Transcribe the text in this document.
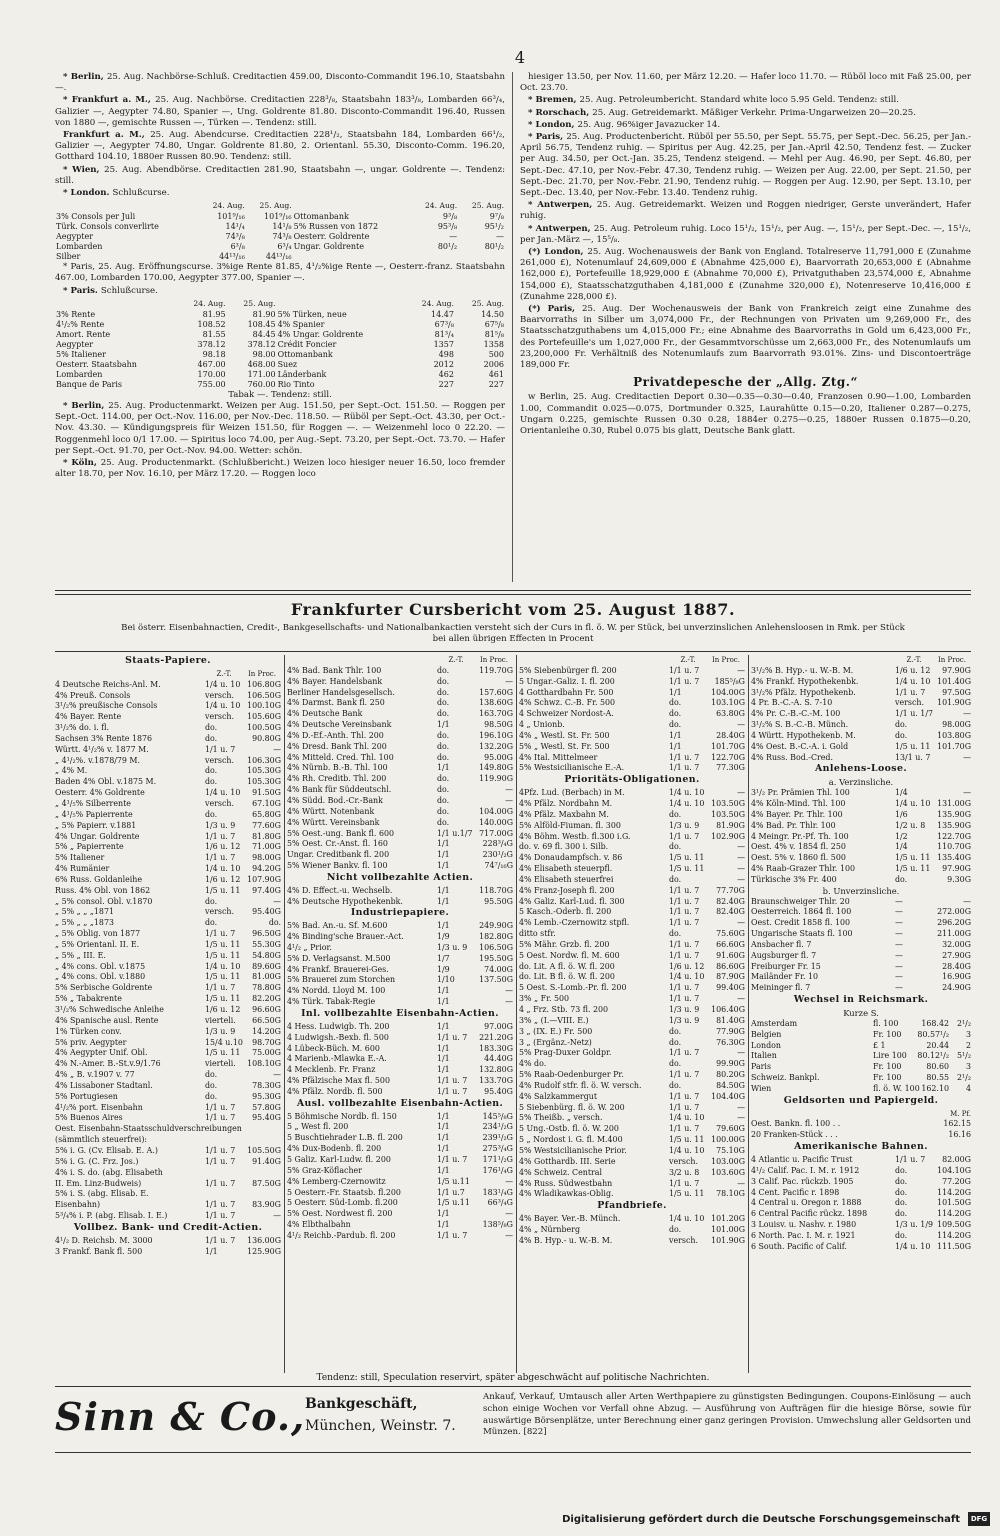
4

* Berlin, 25. Aug. Nachbörse-Schluß. Creditactien 459.00, Disconto-Commandit 196.10, Staatsbahn —.

* Frankfurt a. M., 25. Aug. Nachbörse. Creditactien 228³/₈, Staatsbahn 183³/₈, Lombarden 66³/₄, Galizier —, Aegypter 74.80, Spanier —, Ung. Goldrente 81.80. Disconto-Commandit 196.40, Russen von 1880 —, gemischte Russen —, Türken —. Tendenz: still.

Frankfurt a. M., 25. Aug. Abendcurse. Creditactien 228¹/₂, Staatsbahn 184, Lombarden 66¹/₂, Galizier —, Aegypter 74.80, Ungar. Goldrente 81.80, 2. Orientanl. 55.30, Disconto-Comm. 196.20, Gotthard 104.10, 1880er Russen 80.90. Tendenz: still.

* Wien, 25. Aug. Abendbörse. Creditactien 281.90, Staatsbahn —, ungar. Goldrente —. Tendenz: still.

* London. Schlußcurse.

	24. Aug.	25. Aug.		24. Aug.	25. Aug.
3% Consols per Juli	101⁹/₁₆	101⁹/₁₆	Ottomanbank	9³/₈	9⁷/₈
Türk. Consols converlirte	14¹/₄	14¹/₈	5% Russen von 1872	95³/₈	95¹/₂
Aegypter	74³/₈	74³/₈	Oesterr. Goldrente	—	—
Lombarden	6³/₈	6³/₄	Ungar. Goldrente	80¹/₂	80¹/₂
Silber	44¹³/₁₆	44¹³/₁₆			

* Paris, 25. Aug. Eröffnungscurse. 3%ige Rente 81.85, 4¹/₂%ige Rente —, Oesterr.-franz. Staatsbahn 467.00, Lombarden 170.00, Aegypter 377.00, Spanier —.

* Paris. Schlußcurse.

	24. Aug.	25. Aug.		24. Aug.	25. Aug.
3% Rente	81.95	81.90	5% Türken, neue	14.47	14.50
4¹/₂% Rente	108.52	108.45	4% Spanier	67³/₈	67⁵/₈
Amort. Rente	81.55	84.45	4% Ungar. Goldrente	81³/₄	81⁵/₈
Aegypter	378.12	378.12	Crédit Foncier	1357	1358
5% Italiener	98.18	98.00	Ottomanbank	498	500
Oesterr. Staatsbahn	467.00	468.00	Suez	2012	2006
Lombarden	170.00	171.00	Länderbank	462	461
Banque de Paris	755.00	760.00	Rio Tinto	227	227
Tabak —. Tendenz: still.

* Berlin, 25. Aug. Productenmarkt. Weizen per Aug. 151.50, per Sept.-Oct. 151.50. — Roggen per Sept.-Oct. 114.00, per Oct.-Nov. 116.00, per Nov.-Dec. 118.50. — Rüböl per Sept.-Oct. 43.30, per Oct.-Nov. 43.30. — Kündigungspreis für Weizen 151.50, für Roggen —. — Weizenmehl loco 0 22.20. — Roggenmehl loco 0/1 17.00. — Spiritus loco 74.00, per Aug.-Sept. 73.20, per Sept.-Oct. 73.70. — Hafer per Sept.-Oct. 91.70, per Oct.-Nov. 94.00. Wetter: schön.

* Köln, 25. Aug. Productenmarkt. (Schlußbericht.) Weizen loco hiesiger neuer 16.50, loco fremder alter 18.70, per Nov. 16.10, per März 17.20. — Roggen loco

hiesiger 13.50, per Nov. 11.60, per März 12.20. — Hafer loco 11.70. — Rüböl loco mit Faß 25.00, per Oct. 23.70.

* Bremen, 25. Aug. Petroleumbericht. Standard white loco 5.95 Geld. Tendenz: still.

* Rorschach, 25. Aug. Getreidemarkt. Mäßiger Verkehr. Prima-Ungarweizen 20—20.25.

* London, 25. Aug. 96%iger Javazucker 14.

* Paris, 25. Aug. Productenbericht. Rüböl per 55.50, per Sept. 55.75, per Sept.-Dec. 56.25, per Jan.-April 56.75, Tendenz ruhig. — Spiritus per Aug. 42.25, per Jan.-April 42.50, Tendenz fest. — Zucker per Aug. 34.50, per Oct.-Jan. 35.25, Tendenz steigend. — Mehl per Aug. 46.90, per Sept. 46.80, per Sept.-Dec. 47.10, per Nov.-Febr. 47.30, Tendenz ruhig. — Weizen per Aug. 22.00, per Sept. 21.50, per Sept.-Dec. 21.70, per Nov.-Febr. 21.90, Tendenz ruhig. — Roggen per Aug. 12.90, per Sept. 13.10, per Sept.-Dec. 13.40, per Nov.-Febr. 13.40. Tendenz ruhig.

* Antwerpen, 25. Aug. Getreidemarkt. Weizen und Roggen niedriger, Gerste unverändert, Hafer ruhig.

* Antwerpen, 25. Aug. Petroleum ruhig. Loco 15¹/₂, 15¹/₂, per Aug. —, 15¹/₂, per Sept.-Dec. —, 15¹/₂, per Jan.-März —, 15⁵/₈.

(*) London, 25. Aug. Wochenausweis der Bank von England. Totalreserve 11,791,000 £ (Zunahme 261,000 £), Notenumlauf 24,609,000 £ (Abnahme 425,000 £), Baarvorrath 20,653,000 £ (Abnahme 162,000 £), Portefeuille 18,929,000 £ (Abnahme 70,000 £), Privatguthaben 23,574,000 £, Abnahme 154,000 £), Staatsschatzguthaben 4,181,000 £ (Zunahme 320,000 £), Notenreserve 10,416,000 £ (Zunahme 228,000 £).

(*) Paris, 25. Aug. Der Wochenausweis der Bank von Frankreich zeigt eine Zunahme des Baarvorraths in Silber um 3,074,000 Fr., der Rechnungen von Privaten um 9,269,000 Fr., des Staatsschatzguthabens um 4,015,000 Fr.; eine Abnahme des Baarvorraths in Gold um 6,423,000 Fr., des Portefeuille's um 1,027,000 Fr., der Gesammtvorschüsse um 2,663,000 Fr., des Notenumlaufs um 23,200,000 Fr. Verhältniß des Notenumlaufs zum Baarvorrath 93.01%. Zins- und Discontoerträge 189,000 Fr.

Privatdepesche der „Allg. Ztg.“

w Berlin, 25. Aug. Creditactien Deport 0.30—0.35—0.30—0.40, Franzosen 0.90—1.00, Lombarden 1.00, Commandit 0.025—0.075, Dortmunder 0.325, Laurahütte 0.15—0.20, Italiener 0.287—0.275, Ungarn 0.225, gemischte Russen 0.30 0.28, 1884er 0.275—0.25, 1880er Russen 0.1875—0.20, Orientanleihe 0.30, Rubel 0.075 bis glatt, Deutsche Bank glatt.

Frankfurter Cursbericht vom 25. August 1887.
Bei österr. Eisenbahnactien, Credit-, Bankgesellschafts- und Nationalbankactien versteht sich der Curs in fl. ö. W. per Stück, bei unverzinslichen Anlehensloosen in Rmk. per Stück
bei allen übrigen Effecten in Procent
Staats-Papiere.
Z.-T.	In Proc.
4 Deutsche Reichs-Anl. M.	1/4 u. 10 106.80G
4% Preuß. Consols	versch.	106.50G
3¹/₂% preußische Consols	1/4 u. 10 100.10G
4% Bayer. Rente	versch.	105.60G
3¹/₂% do. i. fl.	do.	100.50G
Sachsen 3% Rente 1876	do.	90.80G
Württ. 4¹/₂% v. 1877 M.	1/1 u. 7	—
„ 4¹/₂%. v.1878/79 M.	versch.	106.30G
„ 4% M.	do.	105.30G
Baden 4% Obl. v.1875 M.	do.	105.30G
Oesterr. 4% Goldrente	1/4 u. 10	91.50G
„ 4¹/₅% Silberrente	versch.	67.10G
„ 4¹/₅% Papierrente	do.	65.80G
„ 5% Papierr. v.1881	1/3 u. 9	77.60G
4% Ungar. Goldrente	1/1 u. 7	81.80G
5% „ Papierrente	1/6 u. 12	71.00G
5% Italiener	1/1 u. 7	98.00G
4% Rumänier	1/4 u. 10	94.20G
6% Russ. Goldanleihe	1/6 u. 12 107.90G
Russ. 4% Obl. von 1862	1/5 u. 11	97.40G
„ 5% consol. Obl. v.1870	do.	—
„ 5% „ „ „1871	versch.	95.40G
„ 5% „ „ „1873	do.	do.
„ 5% Oblig. von 1877	1/1 u. 7	96.50G
„ 5% Orientanl. II. E.	1/5 u. 11	55.30G
„ 5% „ III. E.	1/5 u. 11	54.80G
„ 4% cons. Obl. v.1875	1/4 u. 10	89.60G
„ 4% cons. Obl. v.1880	1/5 u. 11	81.00G
5% Serbische Goldrente	1/1 u. 7	78.80G
5% „ Tabakrente	1/5 u. 11	82.20G
3¹/₂% Schwedische Anleihe	1/6 u. 12	96.60G
4% Spanische ausl. Rente	vierteli.	66.50G
1% Türken conv.	1/3 u. 9	14.20G
5% priv. Aegypter	15/4 u.10	98.70G
4% Aegypter Unif. Obl.	1/5 u. 11	75.00G
4% N.-Amer. B.-St.v.9/1.76	vierteli.	108.10G
4% „ B. v.1907 v. 77	do.	—
4% Lissaboner Stadtanl.	do.	78.30G
5% Portugiesen	do.	95.30G
4¹/₂% port. Eisenbahn	1/1 u. 7	57.80G
5% Buenos Aires	1/1 u. 7	95.40G
Oest. Eisenbahn-Staatsschuldverschreibungen
(sämmtlich steuerfrei):
5% i. G. (Cv. Elisab. E. A.)	1/1 u. 7	105.50G
5% i. G. (C. Frz. Jos.)	1/1 u. 7	91.40G
4% i. S. do. (abg. Elisabeth
II. Em. Linz-Budweis)	1/1 u. 7	87.50G
5% i. S. (abg. Elisab. E.
Eisenbahn)	1/1 u. 7	83.90G
5³/₄% i. P. (abg. Elisab. I. E.)	1/1 u. 7	—
Vollbez. Bank- und Credit-Actien.
4¹/₂ D. Reichsb. M. 3000	1/1 u. 7	136.00G
3 Frankf. Bank fl. 500	1/1	125.90G
Z.-T.	In Proc.
4% Bad. Bank Thlr. 100	do.	119.70G
4% Bayer. Handelsbank	do.	—
Berliner Handelsgesellsch.	do.	157.60G
4% Darmst. Bank fl. 250	do.	138.60G
4% Deutsche Bank	do.	163.70G
4% Deutsche Vereinsbank	1/1	98.50G
4% D.-Ef.-Anth. Thl. 200	do.	196.10G
4% Dresd. Bank Thl. 200	do.	132.20G
4% Mitteld. Cred. Thl. 100	do.	95.00G
4% Nürnb. B.-B. Thl. 100	1/1	149.80G
4% Rh. Creditb. Thl. 200	do.	119.90G
4% Bank für Süddeutschl.	do.	—
4% Südd. Bod.-Cr.-Bank	do.	—
4% Württ. Notenbank	do.	104.00G
4% Württ. Vereinsbank	do.	140.00G
5% Oest.-ung. Bank fl. 600	1/1 u.1/7 717.00G
5% Oest. Cr.-Anst. fl. 160	1/1	228³/₄G
Ungar. Creditbank fl. 200	1/1	230¹/₂G
5% Wiener Bankv. fl. 100	1/1	74⁷/₁₆G
Nicht vollbezahlte Actien.
4% D. Effect.-u. Wechselb.	1/1	118.70G
4% Deutsche Hypothekenbk.	1/1	95.50G
Industriepapiere.
5% Bad. An.-u. Sf. M.600	1/1	249.90G
4% Binding'sche Brauer.-Act.	1/9	182.80G
4¹/₂ „ Prior.	1/3 u. 9	106.50G
5% D. Verlagsanst. M.500	1/7	195.50G
4% Frankf. Brauerei-Ges.	1/9	74.00G
5% Brauerei zum Storchen	1/10	137.50G
4% Nordd. Lloyd M. 100	1/1	—
4% Türk. Tabak-Regie	1/1	—
Inl. vollbezahlte Eisenbahn-Actien.
4 Hess. Ludwigb. Th. 200	1/1	97.00G
4 Ludwigsh.-Bexb. fl. 500	1/1 u. 7	221.20G
4 Lübeck-Büch. M. 600	1/1	183.30G
4 Marienb.-Mlawka E.-A.	1/1	44.40G
4 Mecklenb. Fr. Franz	1/1	132.80G
4% Pfälzische Max fl. 500	1/1 u. 7	133.70G
4% Pfälz. Nordb. fl. 500	1/1 u. 7	95.40G
Ausl. vollbezahlte Eisenbahn-Actien.
5 Böhmische Nordb. fl. 150	1/1	145⁵/₈G
5 „ West fl. 200	1/1	234¹/₂G
5 Buschtiehrader L.B. fl. 200	1/1	239¹/₂G
4% Dux-Bodenb. fl. 200	1/1	275³/₄G
5 Galiz. Karl-Ludw. fl. 200	1/1 u. 7	171¹/₂G
5% Graz-Köflacher	1/1	176¹/₄G
4% Lemberg-Czernowitz	1/5 u.11	—
5 Oesterr.-Fr. Staatsb. fl.200	1/1 u.7	183¹/₄G
5 Oesterr. Süd-Lomb. fl.200	1/5 u.11	66³/₄G
5% Oest. Nordwest fl. 200	1/1	—
4% Elbthalbahn	1/1	138⁵/₈G
4¹/₂ Reichb.-Pardub. fl. 200	1/1 u. 7	—
Z.-T.	In Proc.
5% Siebenbürger fl. 200	1/1 u. 7	—
5 Ungar.-Galiz. I. fl. 200	1/1 u. 7	185⁵/₈G
4 Gotthardbahn Fr. 500	1/1	104.00G
4% Schwz. C.-B. Fr. 500	do.	103.10G
4 Schweizer Nordost-A.	do.	63.80G
4 „ Unionb.	do.	—
4% „ Westl. St. Fr. 500	1/1	28.40G
5% „ Westl. St. Fr. 500	1/1	101.70G
4% Ital. Mittelmeer	1/1 u. 7	122.70G
5% Westsicilianische E.-A.	1/1 u. 7	77.30G
Prioritäts-Obligationen.
4Pfz. Lud. (Berbach) in M.	1/4 u. 10	—
4% Pfälz. Nordbahn M.	1/4 u. 10 103.50G
4% Pfälz. Maxbahn M.	do.	103.50G
5% Alföld-Fiuman. fl. 300	1/3 u. 9	81.90G
4% Böhm. Westb. fl.300 i.G.	1/1 u. 7	102.90G
do. v. 69 fl. 300 i. Silb.	do.	—
4% Donaudampfsch. v. 86	1/5 u. 11	—
4% Elisabeth steuerpfl.	1/5 u. 11	—
4% Elisabeth steuerfrei	do.	—
4% Franz-Joseph fl. 200	1/1 u. 7	77.70G
4% Galiz. Karl-Lud. fl. 300	1/1 u. 7	82.40G
5 Kasch.-Oderb. fl. 200	1/1 u. 7	82.40G
4% Lemb.-Czernowitz stpfl.	1/1 u. 7	—
ditto stfr.	do.	75.60G
5% Mähr. Grzb. fl. 200	1/1 u. 7	66.60G
5 Oest. Nordw. fl. M. 600	1/1 u. 7	91.60G
do. Lit. A fl. ö. W. fl. 200	1/6 u. 12	86.60G
do. Lit. B fl. ö. W. fl. 200	1/4 u. 10	87.90G
5 Oest. S.-Lomb.-Pr. fl. 200	1/1 u. 7	99.40G
3% „ Fr. 500	1/1 u. 7	—
4 „ Frz. Stb. 73 fl. 200	1/3 u. 9	106.40G
3% „ (I.—VIII. E.)	1/3 u. 9	81.40G
3 „ (IX. E.) Fr. 500	do.	77.90G
3 „ (Ergänz.-Netz)	do.	76.30G
5% Prag-Duxer Goldpr.	1/1 u. 7	—
4% do.	do.	99.90G
5% Raab-Oedenburger Pr.	1/1 u. 7	80.20G
4% Rudolf stfr. fl. ö. W. versch.	do.	84.50G
4% Salzkammergut	1/1 u. 7	104.40G
5 Siebenbürg. fl. ö. W. 200	1/1 u. 7	—
5% Theißb. „ versch.	1/4 u. 10	—
5 Ung.-Ostb. fl. ö. W. 200	1/1 u. 7	79.60G
5 „ Nordost i. G. fl. M.400	1/5 u. 11 100.00G
5% Westsicilianische Prior.	1/4 u. 10	75.10G
4% Gotthardb. III. Serie	versch.	103.00G
4% Schweiz. Central	3/2 u. 8	103.60G
4% Russ. Südwestbahn	1/1 u. 7	—
4% Wladikawkas-Oblig.	1/5 u. 11	78.10G
Pfandbriefe.
4% Bayer. Ver.-B. Münch.	1/4 u. 10 101.20G
4% „ Nürnberg	do.	101.00G
4% B. Hyp.- u. W.-B. M.	versch.	101.90G
Z.-T.	In Proc.
3¹/₂% B. Hyp.- u. W.-B. M.	1/6 u. 12	97.90G
4% Frankf. Hypothekenbk.	1/4 u. 10 101.40G
3¹/₂% Pfälz. Hypothekenb.	1/1 u. 7	97.50G
4 Pr. B.-C.-A. S. 7-10	versch.	101.90G
4% Pr. C.-B.-C.-M. 100	1/1 u. 1/7	—
3¹/₂% S. B.-C.-B. Münch.	do.	98.00G
4 Württ. Hypothekenb. M.	do.	103.80G
4% Oest. B.-C.-A. i. Gold	1/5 u. 11 101.70G
4% Russ. Bod.-Cred.	13/1 u. 7	—
Anlehens-Loose.
a. Verzinsliche.
3¹/₂ Pr. Prämien Thl. 100	1/4	—
4% Köln-Mind. Thl. 100	1/4 u. 10 131.00G
4% Bayer. Pr. Thlr. 100	1/6	135.90G
4% Bad. Pr. Thlr. 100	1/2 u. 8	135.90G
4 Meingr. Pr.-Pf. Th. 100	1/2	122.70G
Oest. 4% v. 1854 fl. 250	1/4	110.70G
Oest. 5% v. 1860 fl. 500	1/5 u. 11 135.40G
4% Raab-Grazer Thlr. 100	1/5 u. 11	97.90G
Türkische 3% Fr. 400	do.	9.30G
b. Unverzinsliche.
Braunschweiger Thlr. 20	—	—
Oesterreich. 1864 fl. 100	—	272.00G
Oest. Credit 1858 fl. 100	—	296.20G
Ungarische Staats fl. 100	—	211.00G
Ansbacher fl. 7	—	32.00G
Augsburger fl. 7	—	27.90G
Freiburger Fr. 15	—	28.40G
Mailänder Fr. 10	—	16.90G
Meininger fl. 7	—	24.90G
Wechsel in Reichsmark.
Kurze S.
Amsterdam	fl. 100	168.42	2¹/₂
Belgien	Fr. 100	80.57¹/₂	3
London	£ 1	20.44	2
Italien	Lire 100	80.12¹/₂	5¹/₂
Paris	Fr. 100	80.60	3
Schweiz. Bankpl.	Fr. 100	80.55	2¹/₂
Wien	fl. ö. W. 100 162.10	4
Geldsorten und Papiergeld.
M. Pf.
Oest. Bankn. fl. 100 . .	162.15
20 Franken-Stück . . .	16.16
Amerikanische Bahnen.
4 Atlantic u. Pacific Trust	1/1 u. 7	82.00G
4¹/₂ Calif. Pac. I. M. r. 1912	do.	104.10G
3 Calif. Pac. rückzb. 1905	do.	77.20G
4 Cent. Pacific r. 1898	do.	114.20G
4 Central u. Oregon r. 1888	do.	101.50G
6 Central Pacific rückz. 1898	do.	114.20G
3 Louisv. u. Nashv. r. 1980	1/3 u. 1/9 109.50G
6 North. Pac. I. M. r. 1921	do.	114.20G
6 South. Pacific of Calif.	1/4 u. 10 111.50G
Tendenz: still, Speculation reservirt, später abgeschwächt auf politische Nachrichten.
Sinn & Co., Bankgeschäft,
München, Weinstr. 7.
Ankauf, Verkauf, Umtausch aller Arten Werthpapiere zu günstigsten Bedingungen. Coupons-Einlösung — auch schon einige Wochen vor Verfall ohne Abzug. — Ausführung von Aufträgen für die hiesige Börse, sowie für auswärtige Börsenplätze, unter Berechnung einer ganz geringen Provision. Umwechslung aller Geldsorten und Münzen. [822]
Digitalisierung gefördert durch die Deutsche Forschungsgemeinschaft	DFG
